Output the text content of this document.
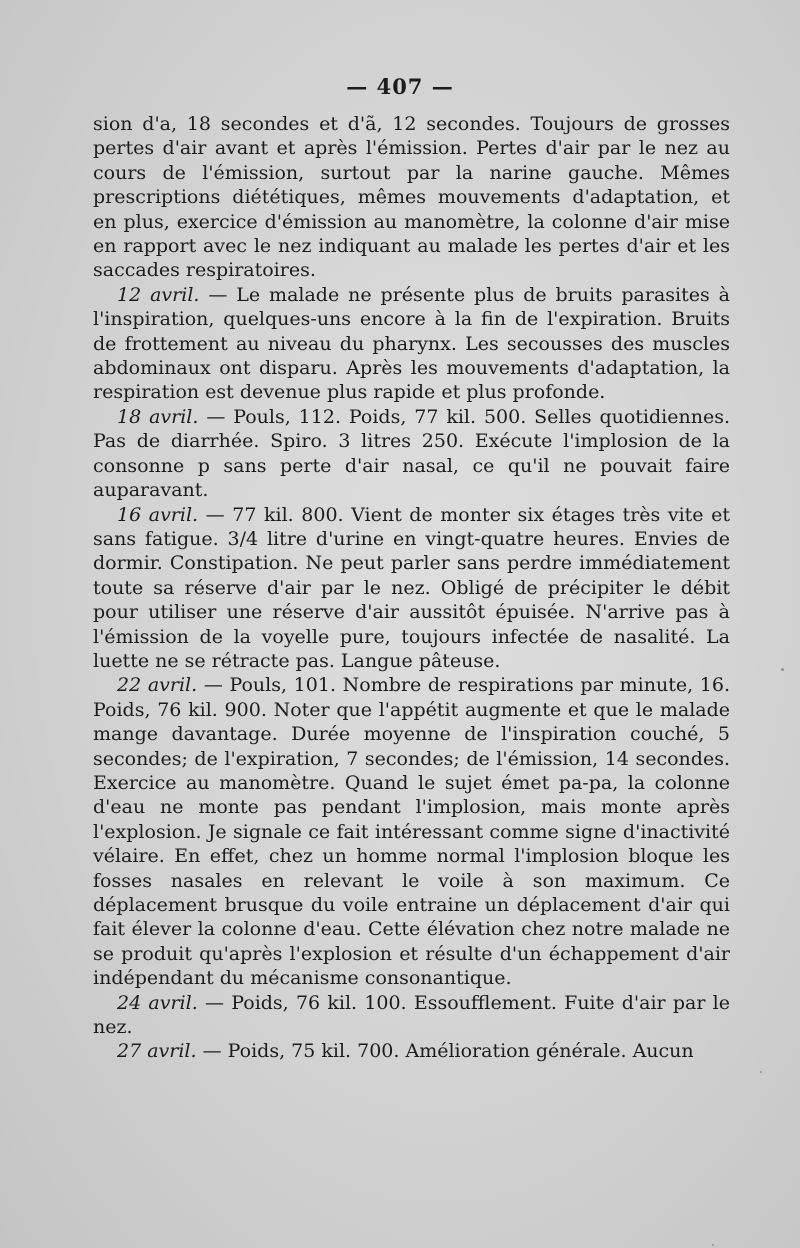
— 407 —

sion d'a, 18 secondes et d'ã, 12 secondes. Toujours de grosses pertes d'air avant et après l'émission. Pertes d'air par le nez au cours de l'émission, surtout par la narine gauche. Mêmes prescriptions diététiques, mêmes mouvements d'adaptation, et en plus, exercice d'émission au manomètre, la colonne d'air mise en rapport avec le nez indiquant au malade les pertes d'air et les saccades respiratoires.

12 avril. — Le malade ne présente plus de bruits parasites à l'inspiration, quelques-uns encore à la fin de l'expiration. Bruits de frottement au niveau du pharynx. Les secousses des muscles abdominaux ont disparu. Après les mouvements d'adaptation, la respiration est devenue plus rapide et plus profonde.

18 avril. — Pouls, 112. Poids, 77 kil. 500. Selles quotidiennes. Pas de diarrhée. Spiro. 3 litres 250. Exécute l'implosion de la consonne p sans perte d'air nasal, ce qu'il ne pouvait faire auparavant.

16 avril. — 77 kil. 800. Vient de monter six étages très vite et sans fatigue. 3/4 litre d'urine en vingt-quatre heures. Envies de dormir. Constipation. Ne peut parler sans perdre immédiatement toute sa réserve d'air par le nez. Obligé de précipiter le débit pour utiliser une réserve d'air aussitôt épuisée. N'arrive pas à l'émission de la voyelle pure, toujours infectée de nasalité. La luette ne se rétracte pas. Langue pâteuse.

22 avril. — Pouls, 101. Nombre de respirations par minute, 16. Poids, 76 kil. 900. Noter que l'appétit augmente et que le malade mange davantage. Durée moyenne de l'inspiration couché, 5 secondes; de l'expiration, 7 secondes; de l'émission, 14 secondes. Exercice au manomètre. Quand le sujet émet pa-pa, la colonne d'eau ne monte pas pendant l'implosion, mais monte après l'explosion. Je signale ce fait intéressant comme signe d'inactivité vélaire. En effet, chez un homme normal l'implosion bloque les fosses nasales en relevant le voile à son maximum. Ce déplacement brusque du voile entraine un déplacement d'air qui fait élever la colonne d'eau. Cette élévation chez notre malade ne se produit qu'après l'explosion et résulte d'un échappement d'air indépendant du mécanisme consonantique.

24 avril. — Poids, 76 kil. 100. Essoufflement. Fuite d'air par le nez.

27 avril. — Poids, 75 kil. 700. Amélioration générale. Aucun
